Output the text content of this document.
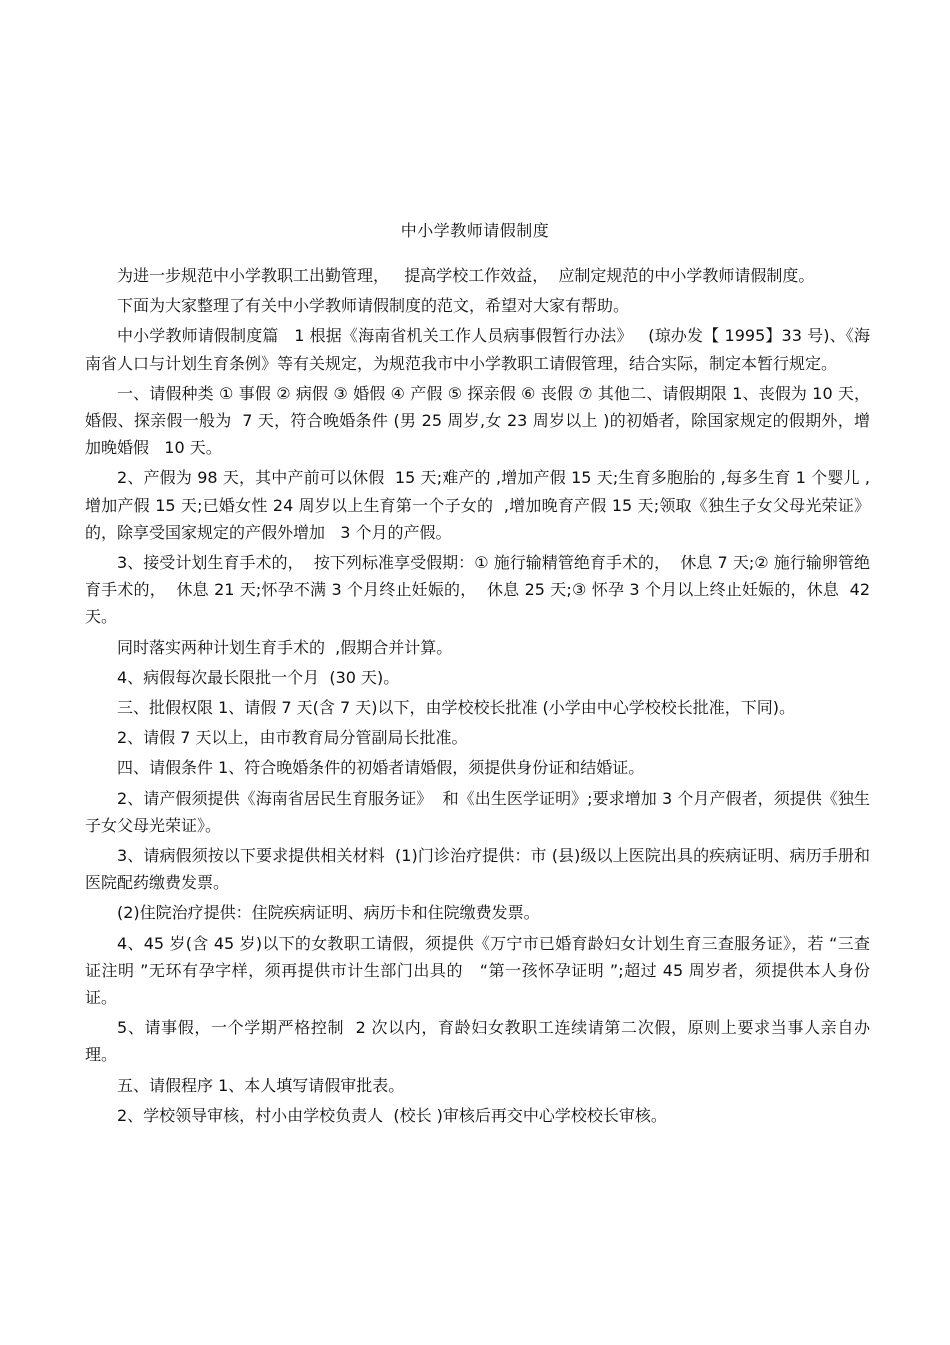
中小学教师请假制度

为进一步规范中小学教职工出勤管理，   提高学校工作效益，  应制定规范的中小学教师请假制度。

下面为大家整理了有关中小学教师请假制度的范文，希望对大家有帮助。

中小学教师请假制度篇   1 根据《海南省机关工作人员病事假暂行办法》   (琼办发【 1995】33 号)、《海南省人口与计划生育条例》等有关规定，为规范我市中小学教职工请假管理，结合实际，制定本暂行规定。

一、请假种类 ① 事假 ② 病假 ③ 婚假 ④ 产假 ⑤ 探亲假 ⑥ 丧假 ⑦ 其他二、请假期限 1、丧假为 10 天，婚假、探亲假一般为  7 天，符合晚婚条件 (男 25 周岁,女 23 周岁以上 )的初婚者，除国家规定的假期外，增加晚婚假   10 天。

2、产假为 98 天，其中产前可以休假  15 天;难产的 ,增加产假 15 天;生育多胞胎的 ,每多生育 1 个婴儿 ,增加产假 15 天;已婚女性 24 周岁以上生育第一个子女的  ,增加晚育产假 15 天;领取《独生子女父母光荣证》的，除享受国家规定的产假外增加   3 个月的产假。

3、接受计划生育手术的，  按下列标准享受假期：① 施行输精管绝育手术的，  休息 7 天;② 施行输卵管绝育手术的，  休息 21 天;怀孕不满 3 个月终止妊娠的，  休息 25 天;③ 怀孕 3 个月以上终止妊娠的，休息  42 天。

同时落实两种计划生育手术的  ,假期合并计算。

4、病假每次最长限批一个月  (30 天)。

三、批假权限 1、请假 7 天(含 7 天)以下，由学校校长批准 (小学由中心学校校长批准，下同)。

2、请假 7 天以上，由市教育局分管副局长批准。

四、请假条件 1、符合晚婚条件的初婚者请婚假，须提供身份证和结婚证。

2、请产假须提供《海南省居民生育服务证》  和《出生医学证明》;要求增加 3 个月产假者，须提供《独生子女父母光荣证》。

3、请病假须按以下要求提供相关材料  (1)门诊治疗提供：市 (县)级以上医院出具的疾病证明、病历手册和医院配药缴费发票。

(2)住院治疗提供：住院疾病证明、病历卡和住院缴费发票。

4、45 岁(含 45 岁)以下的女教职工请假，须提供《万宁市已婚育龄妇女计划生育三查服务证》，若 “三查证注明 ”无环有孕字样，须再提供市计生部门出具的   “第一孩怀孕证明 ”;超过 45 周岁者，须提供本人身份证。

5、请事假，一个学期严格控制  2 次以内，育龄妇女教职工连续请第二次假，原则上要求当事人亲自办理。

五、请假程序 1、本人填写请假审批表。

2、学校领导审核，村小由学校负责人  (校长 )审核后再交中心学校校长审核。
